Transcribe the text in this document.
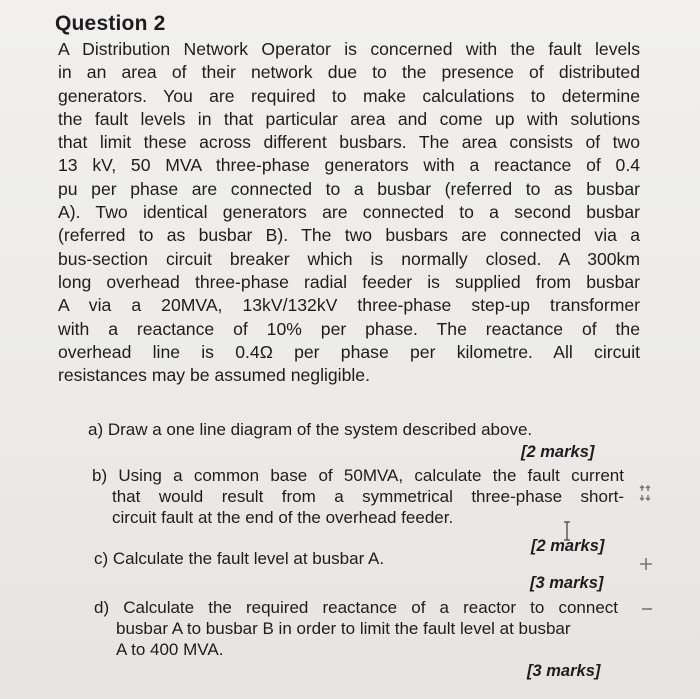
Question 2
A Distribution Network Operator is concerned with the fault levels
in an area of their network due to the presence of distributed
generators. You are required to make calculations to determine
the fault levels in that particular area and come up with solutions
that limit these across different busbars. The area consists of two
13 kV, 50 MVA three-phase generators with a reactance of 0.4
pu per phase are connected to a busbar (referred to as busbar
A). Two identical generators are connected to a second busbar
(referred to as busbar B). The two busbars are connected via a
bus-section circuit breaker which is normally closed. A 300km
long overhead three-phase radial feeder is supplied from busbar
A via a 20MVA, 13kV/132kV three-phase step-up transformer
with a reactance of 10% per phase. The reactance of the
overhead line is 0.4Ω per phase per kilometre. All circuit
resistances may be assumed negligible.
a) Draw a one line diagram of the system described above.
[2 marks]
b) Using a common base of 50MVA, calculate the fault current
that would result from a symmetrical three-phase short-
circuit fault at the end of the overhead feeder.
[2 marks]
c) Calculate the fault level at busbar A.
[3 marks]
d) Calculate the required reactance of a reactor to connect
busbar A to busbar B in order to limit the fault level at busbar
A to 400 MVA.
[3 marks]
